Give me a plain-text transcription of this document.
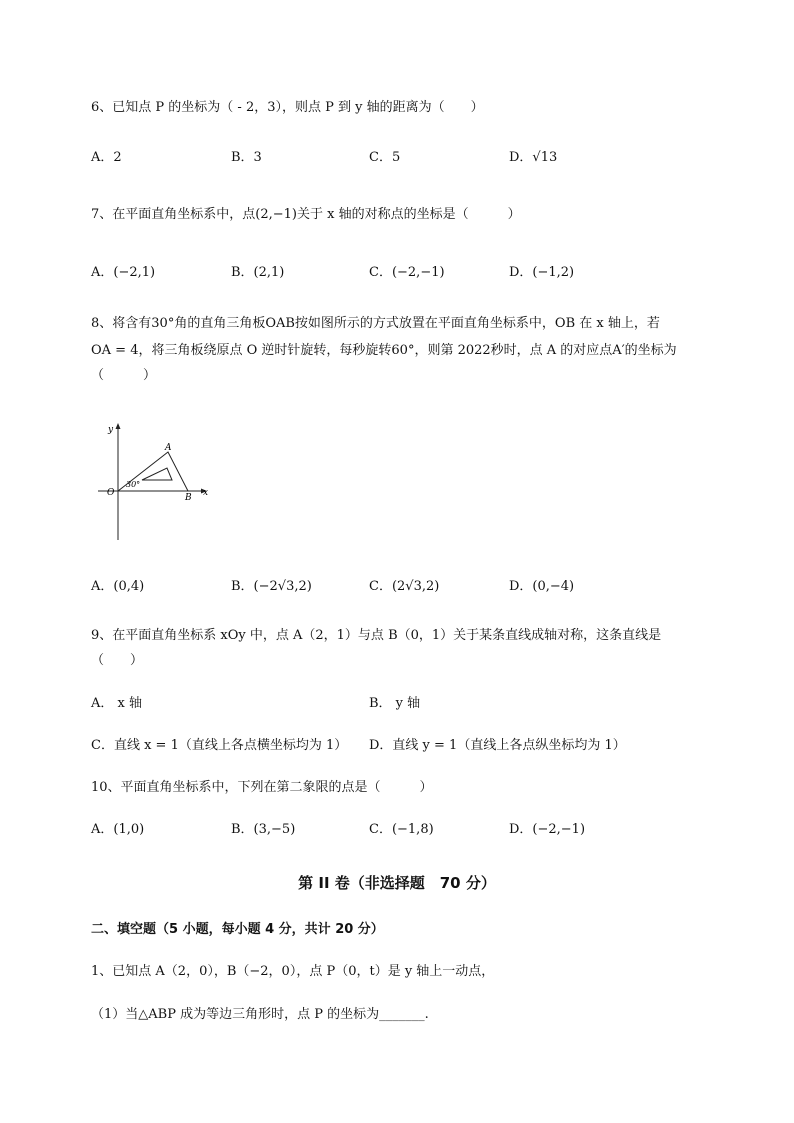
6、已知点 P 的坐标为（ - 2，3），则点 P 到 y 轴的距离为（　　）
A．2	B．3	C．5	D．√13
7、在平面直角坐标系中，点(2,−1)关于 x 轴的对称点的坐标是（　　　）
A．(−2,1)	B．(2,1)	C．(−2,−1)	D．(−1,2)
8、将含有30°角的直角三角板OAB按如图所示的方式放置在平面直角坐标系中，OB 在 x 轴上，若
OA = 4，将三角板绕原点 O 逆时针旋转，每秒旋转60°，则第 2022秒时，点 A 的对应点A′的坐标为
（　　　）
y
x
O
A
B
30°
A．(0,4)	B．(−2√3,2)	C．(2√3,2)	D．(0,−4)
9、在平面直角坐标系 xOy 中，点 A（2，1）与点 B（0，1）关于某条直线成轴对称，这条直线是
（　　）
A． x 轴	B． y 轴
C．直线 x = 1（直线上各点横坐标均为 1） D．直线 y = 1（直线上各点纵坐标均为 1）
10、平面直角坐标系中，下列在第二象限的点是（　　　）
A．(1,0)	B．(3,−5)	C．(−1,8)	D．(−2,−1)
第 II 卷（非选择题　70 分）
二、填空题（5 小题，每小题 4 分，共计 20 分）
1、已知点 A（2，0），B（−2，0），点 P（0，t）是 y 轴上一动点，
（1）当△ABP 成为等边三角形时，点 P 的坐标为_______.
